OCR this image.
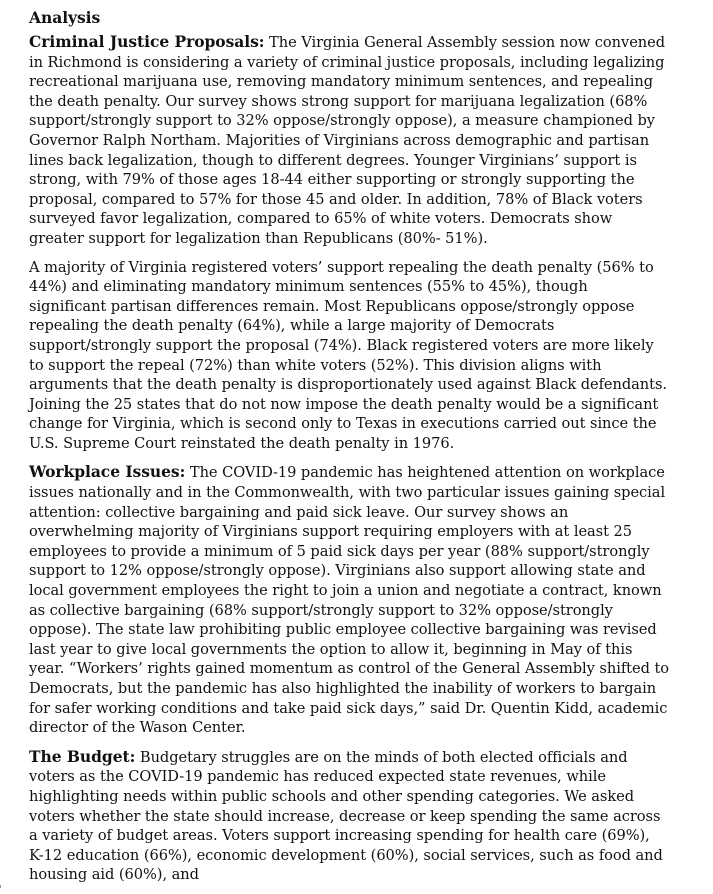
Analysis

Criminal Justice Proposals: The Virginia General Assembly session now convened in Richmond is considering a variety of criminal justice proposals, including legalizing recreational marijuana use, removing mandatory minimum sentences, and repealing the death penalty. Our survey shows strong support for marijuana legalization (68% support/strongly support to 32% oppose/strongly oppose), a measure championed by Governor Ralph Northam. Majorities of Virginians across demographic and partisan lines back legalization, though to different degrees. Younger Virginians’ support is strong, with 79% of those ages 18-44 either supporting or strongly supporting the proposal, compared to 57% for those 45 and older. In addition, 78% of Black voters surveyed favor legalization, compared to 65% of white voters. Democrats show greater support for legalization than Republicans (80%- 51%).

A majority of Virginia registered voters’ support repealing the death penalty (56% to 44%) and eliminating mandatory minimum sentences (55% to 45%), though significant partisan differences remain. Most Republicans oppose/strongly oppose repealing the death penalty (64%), while a large majority of Democrats support/strongly support the proposal (74%). Black registered voters are more likely to support the repeal (72%) than white voters (52%). This division aligns with arguments that the death penalty is disproportionately used against Black defendants. Joining the 25 states that do not now impose the death penalty would be a significant change for Virginia, which is second only to Texas in executions carried out since the U.S. Supreme Court reinstated the death penalty in 1976.

Workplace Issues: The COVID-19 pandemic has heightened attention on workplace issues nationally and in the Commonwealth, with two particular issues gaining special attention: collective bargaining and paid sick leave. Our survey shows an overwhelming majority of Virginians support requiring employers with at least 25 employees to provide a minimum of 5 paid sick days per year (88% support/strongly support to 12% oppose/strongly oppose). Virginians also support allowing state and local government employees the right to join a union and negotiate a contract, known as collective bargaining (68% support/strongly support to 32% oppose/strongly oppose). The state law prohibiting public employee collective bargaining was revised last year to give local governments the option to allow it, beginning in May of this year. “Workers’ rights gained momentum as control of the General Assembly shifted to Democrats, but the pandemic has also highlighted the inability of workers to bargain for safer working conditions and take paid sick days,” said Dr. Quentin Kidd, academic director of the Wason Center.

The Budget: Budgetary struggles are on the minds of both elected officials and voters as the COVID-19 pandemic has reduced expected state revenues, while highlighting needs within public schools and other spending categories. We asked voters whether the state should increase, decrease or keep spending the same across a variety of budget areas. Voters support increasing spending for health care (69%), K-12 education (66%), economic development (60%), social services, such as food and housing aid (60%), and
